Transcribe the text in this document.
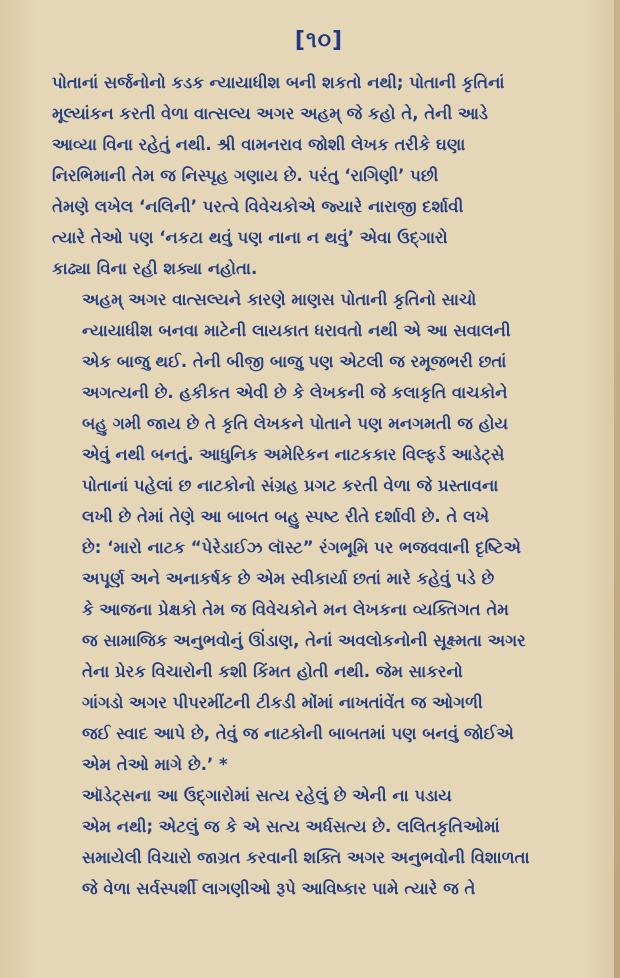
[૧૦]

પોતાનાં સર્જનોનો કડક ન્યાયાધીશ બની શકતો નથી; પોતાની કૃતિનાં
મૂલ્યાંકન કરતી વેળા વાત્સલ્ય અગર અહમ્ જે કહો તે, તેની આડે
આવ્યા વિના રહેતું નથી. શ્રી વામનરાવ જોશી લેખક તરીકે ઘણા
નિરભિમાની તેમ જ નિસ્પૃહ ગણાય છે. પરંતુ ‘રાગિણી’ પછી
તેમણે લખેલ ‘નલિની’ પરત્વે વિવેચકોએ જ્યારે નારાજી દર્શાવી
ત્યારે તેઓ પણ ‘નકટા થવું પણ નાના ન થવું’ એવા ઉદ્ગારો
કાઢ્યા વિના રહી શક્યા નહોતા.

અહમ્ અગર વાત્સલ્યને કારણે માણસ પોતાની કૃતિનો સાચો
ન્યાયાધીશ બનવા માટેની લાયકાત ધરાવતો નથી એ આ સવાલની
એક બાજુ થઈ. તેની બીજી બાજુ પણ એટલી જ રમૂજભરી છતાં
અગત્યની છે. હકીકત એવી છે કે લેખકની જે કલાકૃતિ વાચકોને
બહુ ગમી જાય છે તે કૃતિ લેખકને પોતાને પણ મનગમતી જ હોય
એવું નથી બનતું. આધુનિક અમેરિકન નાટકકાર વિલ્ફર્ડ આડેટ્સે
પોતાનાં પહેલાં છ નાટકોનો સંગ્રહ પ્રગટ કરતી વેળા જે પ્રસ્તાવના
લખી છે તેમાં તેણે આ બાબત બહુ સ્પષ્ટ રીતે દર્શાવી છે. તે લખે
છે: ‘મારો નાટક “પેરેડાઈઝ લૉસ્ટ” રંગભૂમિ પર ભજવવાની દૃષ્ટિએ
અપૂર્ણ અને અનાકર્ષક છે એમ સ્વીકાર્યા છતાં મારે કહેવું પડે છે
કે આજના પ્રેક્ષકો તેમ જ વિવેચકોને મન લેખકના વ્યક્તિગત તેમ
જ સામાજિક અનુભવોનું ઊંડાણ, તેનાં અવલોકનોની સૂક્ષ્મતા અગર
તેના પ્રેરક વિચારોની કશી કિંમત હોતી નથી. જેમ સાકરનો
ગાંગડો અગર પીપરમીંટની ટીકડી મોંમાં નાખતાંવેંત જ ઓગળી
જઈ સ્વાદ આપે છે, તેવું જ નાટકોની બાબતમાં પણ બનવું જોઈએ
એમ તેઓ માગે છે.’ *

ઑડેટ્સના આ ઉદ્ગારોમાં સત્ય રહેલું છે એની ના પડાય
એમ નથી; એટલું જ કે એ સત્ય અર્ધસત્ય છે. લલિતકૃતિઓમાં
સમાયેલી વિચારો જાગ્રત કરવાની શક્તિ અગર અનુભવોની વિશાળતા
જે વેળા સર્વસ્પર્શી લાગણીઓ રૂપે આવિષ્કાર પામે ત્યારે જ તે
